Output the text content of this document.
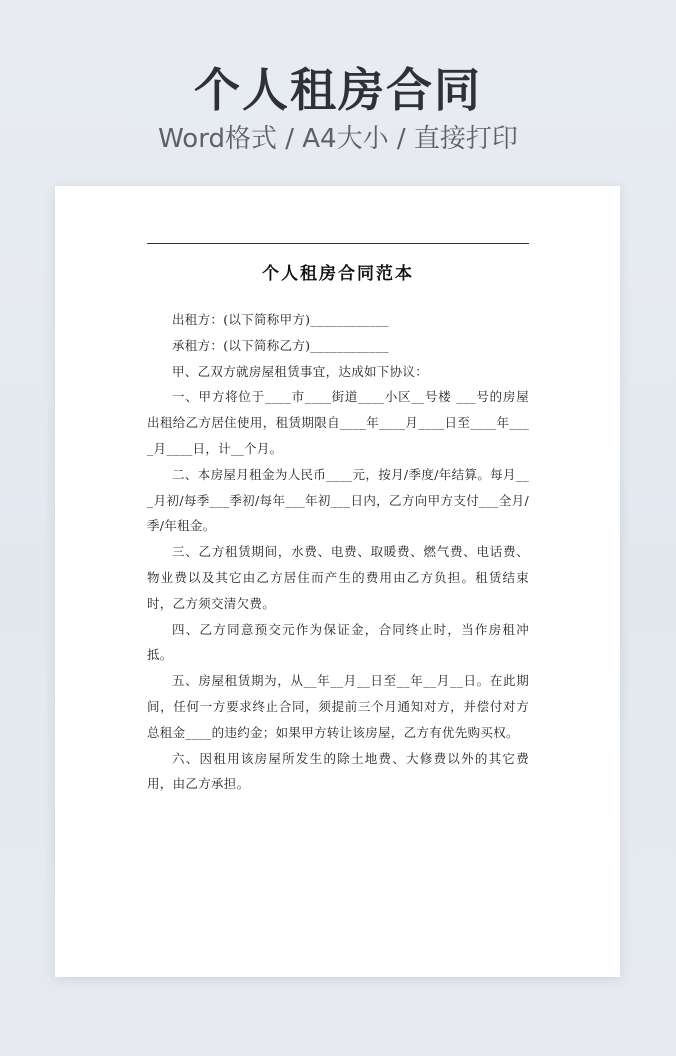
个人租房合同
Word格式 / A4大小 / 直接打印
个人租房合同范本

出租方：(以下简称甲方)____________

承租方：(以下简称乙方)____________

甲、乙双方就房屋租赁事宜，达成如下协议：

一、甲方将位于____市____街道____小区__号楼 ___号的房屋出租给乙方居住使用，租赁期限自____年____月____日至____年____月____日，计__个月。

二、本房屋月租金为人民币____元，按月/季度/年结算。每月___月初/每季___季初/每年___年初___日内，乙方向甲方支付___全月/季/年租金。

三、乙方租赁期间，水费、电费、取暖费、燃气费、电话费、物业费以及其它由乙方居住而产生的费用由乙方负担。租赁结束时，乙方须交清欠费。

四、乙方同意预交元作为保证金，合同终止时，当作房租冲抵。

五、房屋租赁期为，从__年__月__日至__年__月__日。在此期间，任何一方要求终止合同，须提前三个月通知对方，并偿付对方总租金____的违约金；如果甲方转让该房屋，乙方有优先购买权。

六、因租用该房屋所发生的除土地费、大修费以外的其它费用，由乙方承担。
